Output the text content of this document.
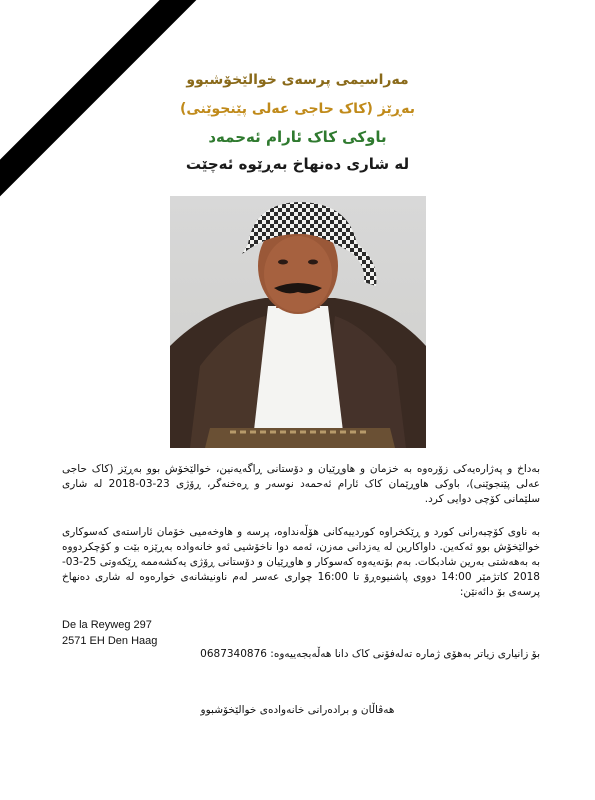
مەراسیمی پرسەی خوالێخۆشبوو
بەڕێز (کاک حاجی عەلی پێنجوێنی)
باوکی کاک ئارام ئەحمەد
لە شاری دەنهاخ بەڕێوە ئەچێت
بەداخ و پەژارەیەکی زۆرەوە بە خزمان و هاوڕێیان و دۆستانی ڕاگەیەنین، خوالێخۆش بوو بەڕێز (کاک حاجی عەلی پێنجوێنی)، باوکی هاوڕێمان کاک ئارام ئەحمەد نوسەر و ڕەخنەگر، ڕۆژی 23-03-2018 لە شاری سلێمانی کۆچی دوایی کرد.
بە ناوی کۆچبەرانی کورد و ڕێکخراوە کوردییەکانی هۆڵەنداوە، پرسە و هاوخەمیی خۆمان ئاراستەی کەسوکاری خوالێخۆش بوو ئەکەین. داواکارین لە یەزدانی مەزن، ئەمە دوا ناخۆشیی ئەو خانەوادە بەڕێزە بێت و کۆچکردووە بە بەهەشتی بەرین شادبکات. بەم بۆنەیەوە کەسوکار و هاوڕێیان و دۆستانی ڕۆژی یەکشەممە ڕێکەوتی 25-03-2018 کاتژمێر 14:00 دووی پاشنیوەڕۆ تا 16:00 چواری عەسر لەم ناونیشانەی خوارەوە لە شاری دەنهاخ پرسەی بۆ دائەنێن:
De la Reyweg 297
2571 EH Den Haag
بۆ زانیاری زیاتر بەهۆی ژمارە تەلەفۆنی کاک دانا هەڵەبجەییەوە: 0687340876
هەڤاڵان و برادەرانی خانەوادەی خوالێخۆشبوو
